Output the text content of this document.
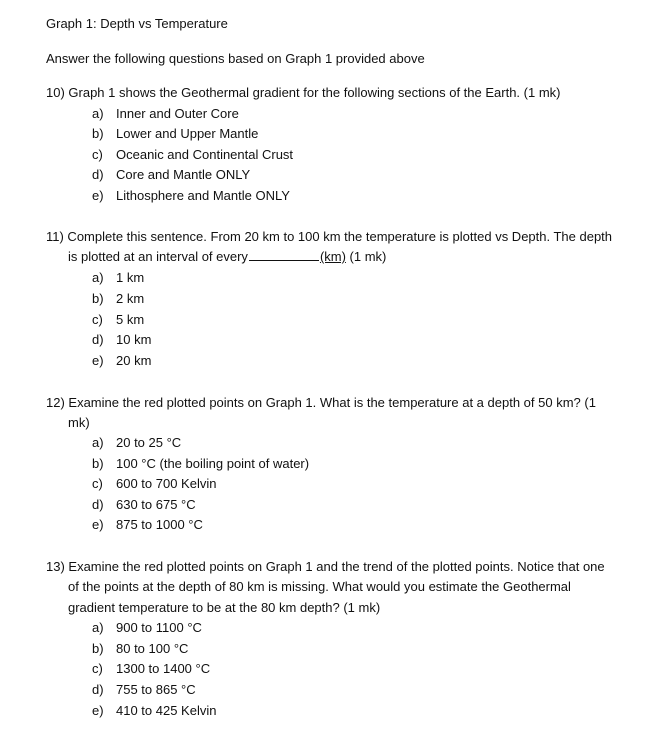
Graph 1: Depth vs Temperature
Answer the following questions based on Graph 1 provided above
10) Graph 1 shows the Geothermal gradient for the following sections of the Earth. (1 mk)
a) Inner and Outer Core
b) Lower and Upper Mantle
c) Oceanic and Continental Crust
d) Core and Mantle ONLY
e) Lithosphere and Mantle ONLY
11) Complete this sentence. From 20 km to 100 km the temperature is plotted vs Depth. The depth
is plotted at an interval of every	(km) (1 mk)
a) 1 km
b) 2 km
c) 5 km
d) 10 km
e) 20 km
12) Examine the red plotted points on Graph 1. What is the temperature at a depth of 50 km? (1
mk)
a) 20 to 25 °C
b) 100 °C (the boiling point of water)
c) 600 to 700 Kelvin
d) 630 to 675 °C
e) 875 to 1000 °C
13) Examine the red plotted points on Graph 1 and the trend of the plotted points. Notice that one
of the points at the depth of 80 km is missing. What would you estimate the Geothermal
gradient temperature to be at the 80 km depth? (1 mk)
a) 900 to 1100 °C
b) 80 to 100 °C
c) 1300 to 1400 °C
d) 755 to 865 °C
e) 410 to 425 Kelvin
